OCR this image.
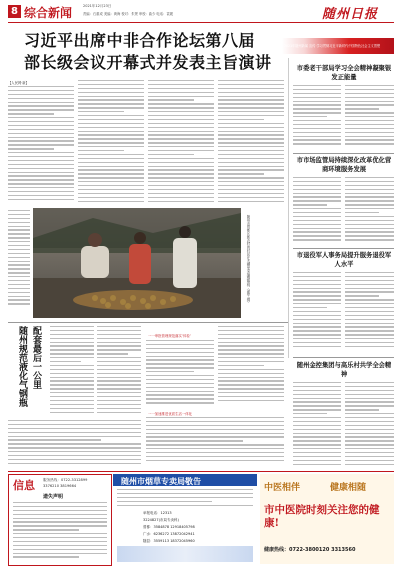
8 综合新闻	2021年12月23日
责编：石重成 美编：黄海 校对：朱贤 审校：曲少 电话：袁媛	随州日报
习近平出席中非合作论坛第八届
部长级会议开幕式并发表主旨演讲
2021年随州新闻 宣传 学习贯彻习近平新时代中国特色社会主义思想
【人民网·新】
市委老干部局学习全会精神凝聚银发正能量
市市场监管局持续深化改革优化营商环境服务发展
市退役军人事务局提升服务退役军人水平
随州金控集团与高乐村共学全会精神
随州市曾都区新农村的村民在大棚里采摘猕猴桃（翟华 摄）
配套最后一公里
随州规范液化气钢瓶	一一审批管理规范落实‘体检’
一一加速推进优质生活一体化
信息 服务热线：0722-3312899
3376210 3819664
遗失声明
随州市烟草专卖局敬告
举报电话：12313
3224827(市局专卖科)
曾都：3584878 12918405798
广水：6236272 13872042941
随县：3559113 18372045960
中医相伴	健康相随
市中医院时刻关注您的健康!
健康热线：0722-3800120 3313560
